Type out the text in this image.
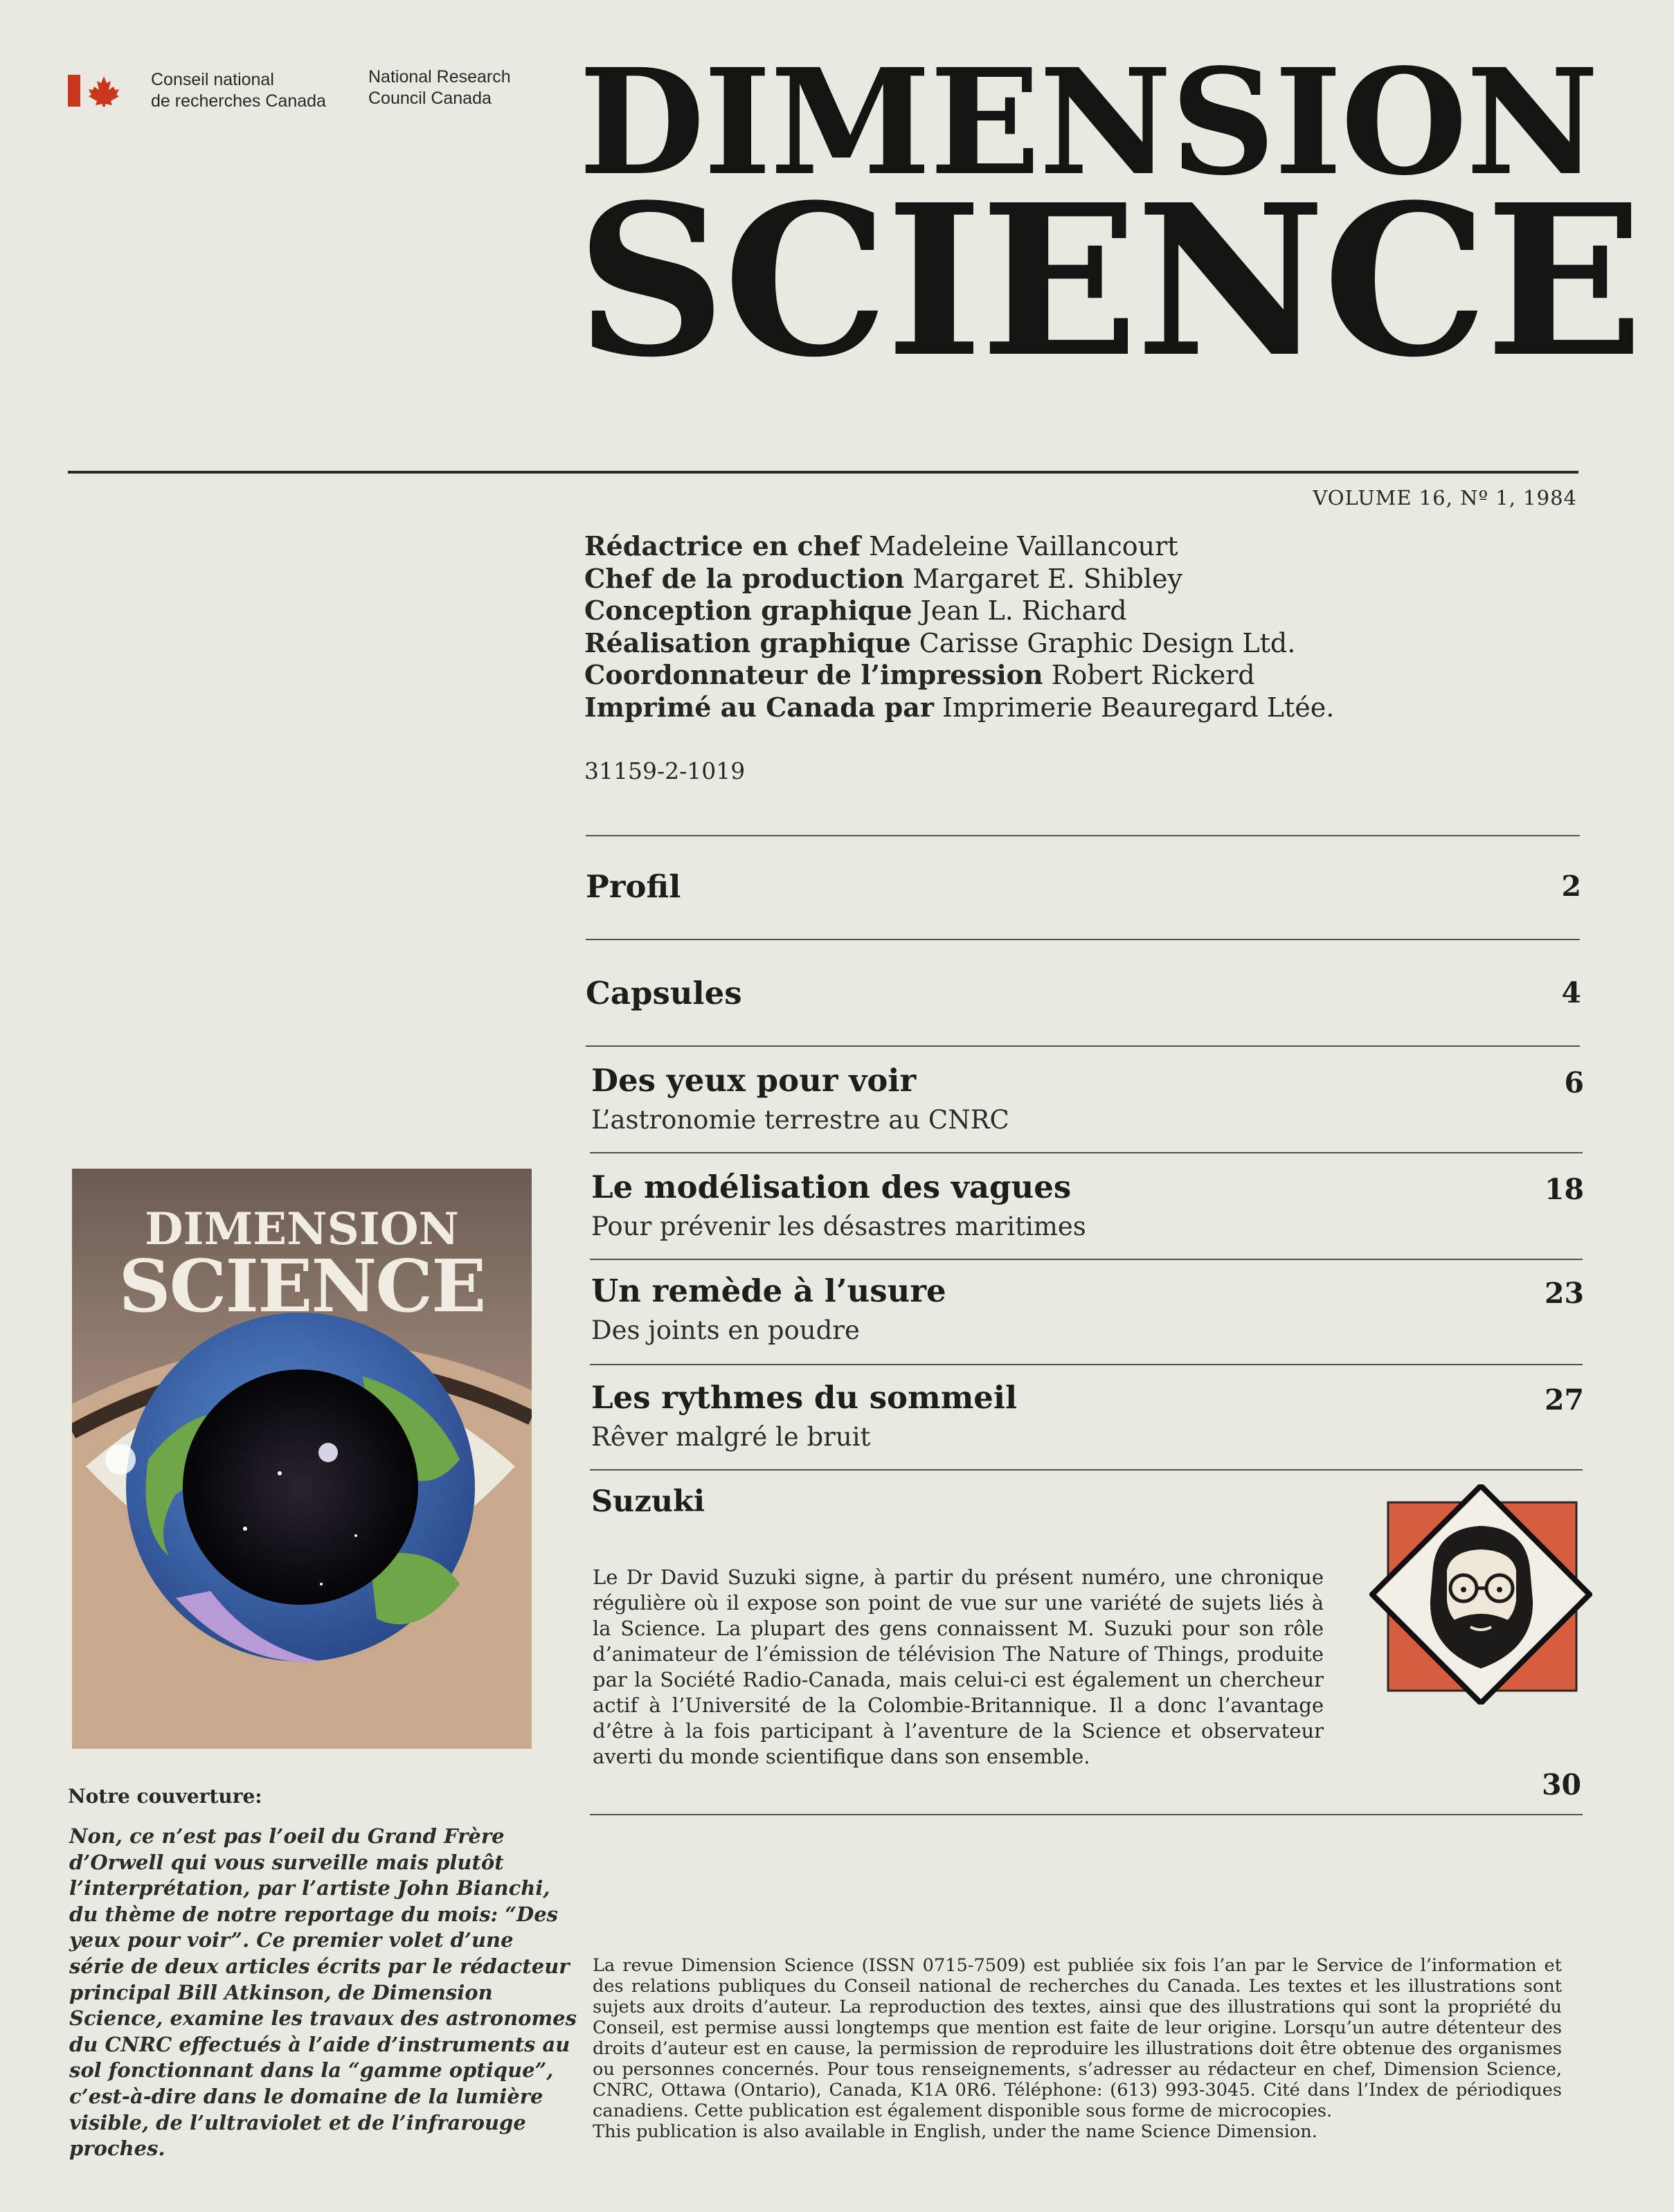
Conseil national
de recherches Canada
National Research
Council Canada DIMENSION
SCIENCE
VOLUME 16, Nº 1, 1984
Rédactrice en chef Madeleine Vaillancourt
Chef de la production Margaret E. Shibley
Conception graphique Jean L. Richard
Réalisation graphique Carisse Graphic Design Ltd.
Coordonnateur de l’impression Robert Rickerd
Imprimé au Canada par Imprimerie Beauregard Ltée.
31159-2-1019
Profil	2
Capsules	4
Des yeux pour voir
L’astronomie terrestre au CNRC
6
Le modélisation des vagues
Pour prévenir les désastres maritimes
18
Un remède à l’usure
Des joints en poudre
23
Les rythmes du sommeil
Rêver malgré le bruit
27
Suzuki
Le Dr David Suzuki signe, à partir du présent numéro, une chronique régulière où il expose son point de vue sur une variété de sujets liés à la Science. La plupart des gens connaissent M. Suzuki pour son rôle d’animateur de l’émission de télévision The Nature of Things, produite par la Société Radio-Canada, mais celui-ci est également un chercheur actif à l’Université de la Colombie-Britannique. Il a donc l’avantage d’être à la fois participant à l’aventure de la Science et observateur averti du monde scientifique dans son ensemble.
30
DIMENSION
SCIENCE
Notre couverture:
Non, ce n’est pas l’oeil du Grand Frère
d’Orwell qui vous surveille mais plutôt
l’interprétation, par l’artiste John Bianchi,
du thème de notre reportage du mois: “Des
yeux pour voir”. Ce premier volet d’une
série de deux articles écrits par le rédacteur
principal Bill Atkinson, de Dimension
Science, examine les travaux des astronomes
du CNRC effectués à l’aide d’instruments au
sol fonctionnant dans la “gamme optique”,
c’est-à-dire dans le domaine de la lumière
visible, de l’ultraviolet et de l’infrarouge
proches.
La revue Dimension Science (ISSN 0715-7509) est publiée six fois l’an par le Service de l’information et des relations publiques du Conseil national de recherches du Canada. Les textes et les illustrations sont sujets aux droits d’auteur. La reproduction des textes, ainsi que des illustrations qui sont la propriété du Conseil, est permise aussi longtemps que mention est faite de leur origine. Lorsqu’un autre détenteur des droits d’auteur est en cause, la permission de reproduire les illustrations doit être obtenue des organismes ou personnes concernés. Pour tous renseignements, s’adresser au rédacteur en chef, Dimension Science, CNRC, Ottawa (Ontario), Canada, K1A 0R6. Téléphone: (613) 993-3045. Cité dans l’Index de périodiques canadiens. Cette publication est également disponible sous forme de microcopies.
This publication is also available in English, under the name Science Dimension.
